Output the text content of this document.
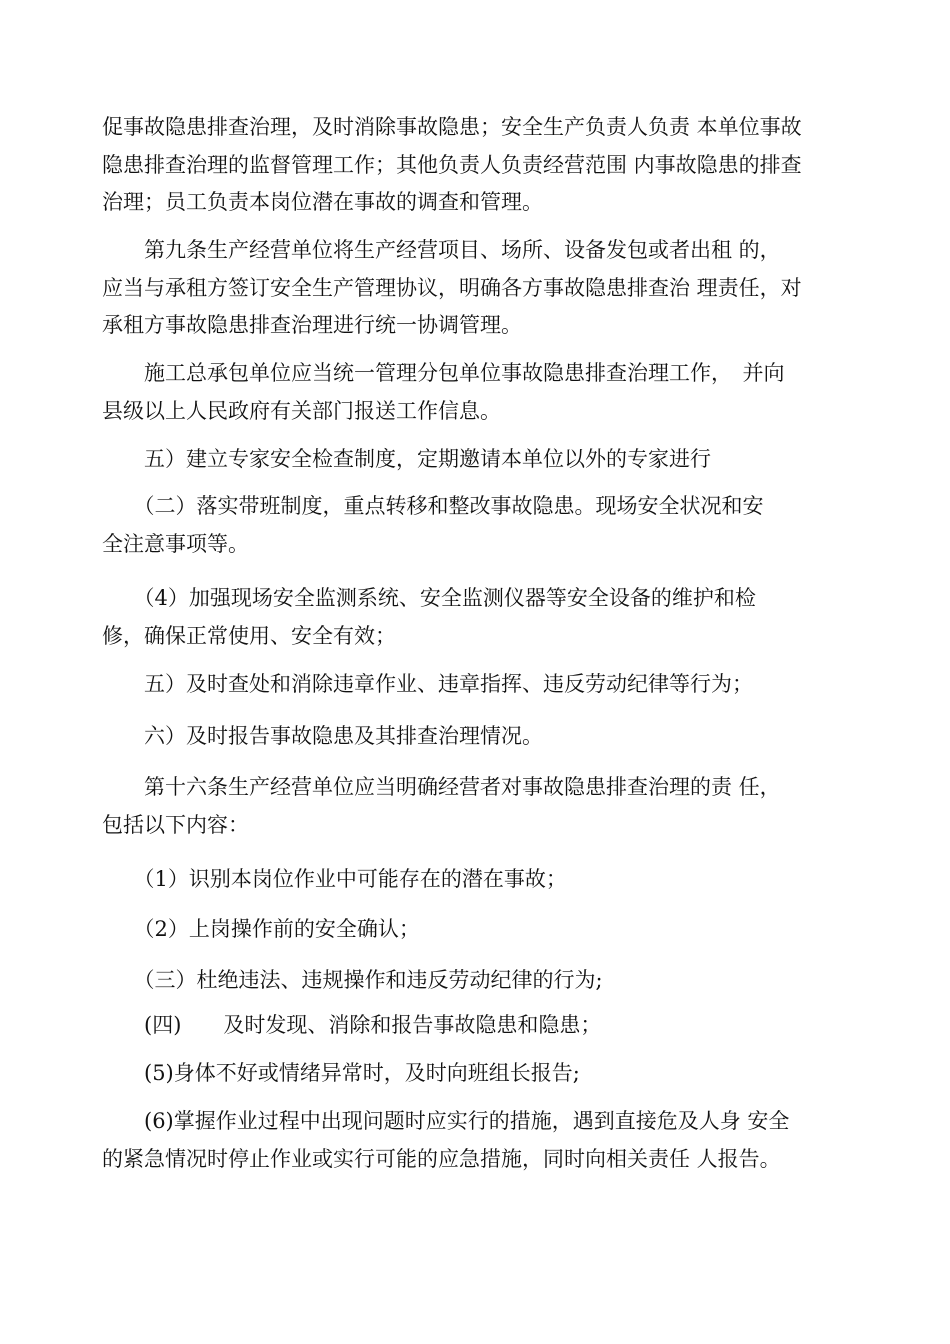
促事故隐患排查治理，及时消除事故隐患；安全生产负责人负责 本单位事故
隐患排查治理的监督管理工作；其他负责人负责经营范围 内事故隐患的排查
治理；员工负责本岗位潜在事故的调查和管理。

　　第九条生产经营单位将生产经营项目、场所、设备发包或者出租 的，
应当与承租方签订安全生产管理协议，明确各方事故隐患排查治 理责任，对
承租方事故隐患排查治理进行统一协调管理。

　　施工总承包单位应当统一管理分包单位事故隐患排查治理工作，　并向
县级以上人民政府有关部门报送工作信息。

　　五）建立专家安全检查制度，定期邀请本单位以外的专家进行

　　（二）落实带班制度，重点转移和整改事故隐患。现场安全状况和安
全注意事项等。

　　（4）加强现场安全监测系统、安全监测仪器等安全设备的维护和检
修，确保正常使用、安全有效；

　　五）及时查处和消除违章作业、违章指挥、违反劳动纪律等行为；

　　六）及时报告事故隐患及其排查治理情况。

　　第十六条生产经营单位应当明确经营者对事故隐患排查治理的责 任，
包括以下内容：

　　（1）识别本岗位作业中可能存在的潜在事故；

　　（2）上岗操作前的安全确认；

　　（三）杜绝违法、违规操作和违反劳动纪律的行为;

　　(四)　　及时发现、消除和报告事故隐患和隐患；

　　(5)身体不好或情绪异常时，及时向班组长报告;

　　(6)掌握作业过程中出现问题时应实行的措施，遇到直接危及人身 安全
的紧急情况时停止作业或实行可能的应急措施，同时向相关责任 人报告。
